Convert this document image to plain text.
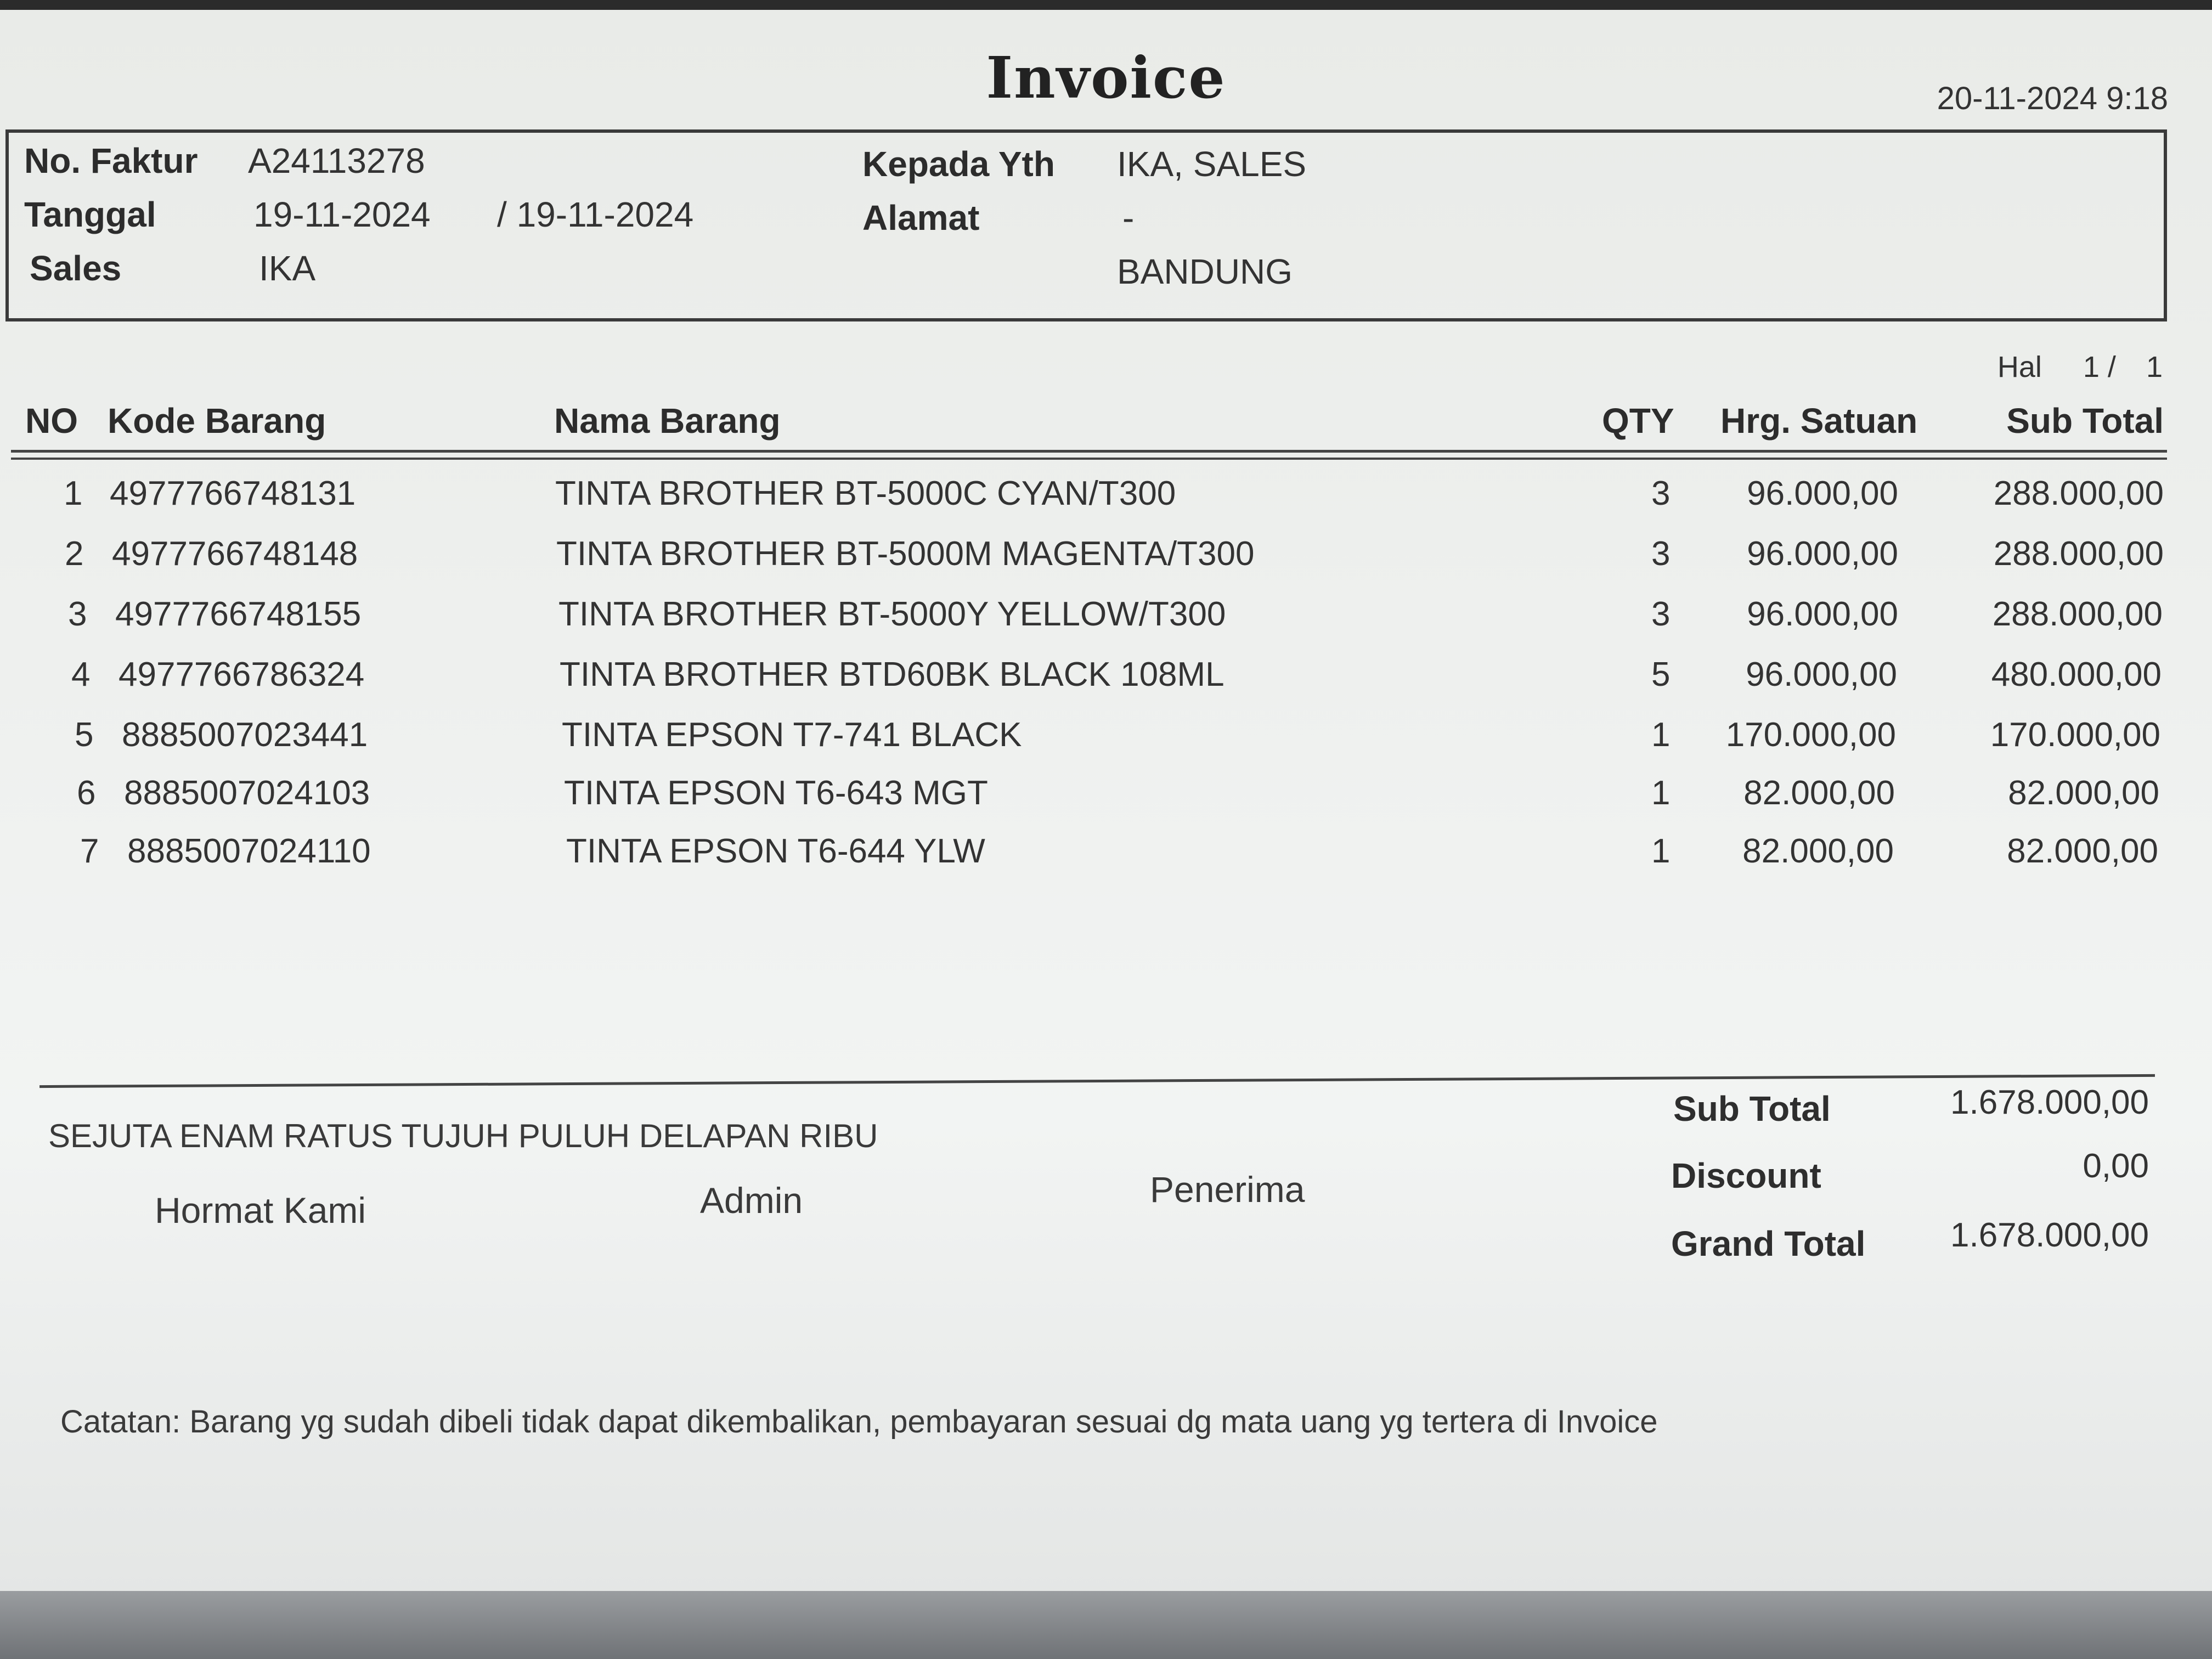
Invoice	20-11-2024 9:18
No. Faktur A24113278
Tanggal	19-11-2024 / 19-11-2024
Sales	IKA
Kepada Yth IKA, SALES
Alamat	-
BANDUNG
Hal 1 / 1
NO Kode Barang	Nama Barang	QTY Hrg. Satuan	Sub Total
1 4977766748131	TINTA BROTHER BT-5000C CYAN/T300	3 96.000,00	288.000,00
2 4977766748148	TINTA BROTHER BT-5000M MAGENTA/T300	3 96.000,00	288.000,00
3 4977766748155	TINTA BROTHER BT-5000Y YELLOW/T300	3 96.000,00	288.000,00
4 4977766786324	TINTA BROTHER BTD60BK BLACK 108ML	5 96.000,00	480.000,00
5 8885007023441	TINTA EPSON T7-741 BLACK	1 170.000,00	170.000,00
6 8885007024103	TINTA EPSON T6-643 MGT	1 82.000,00	82.000,00
7 8885007024110	TINTA EPSON T6-644 YLW	1 82.000,00	82.000,00
SEJUTA ENAM RATUS TUJUH PULUH DELAPAN RIBU
Hormat Kami	Admin	Penerima
Sub Total	1.678.000,00
Discount	0,00
Grand Total 1.678.000,00
Catatan: Barang yg sudah dibeli tidak dapat dikembalikan, pembayaran sesuai dg mata uang yg tertera di Invoice
